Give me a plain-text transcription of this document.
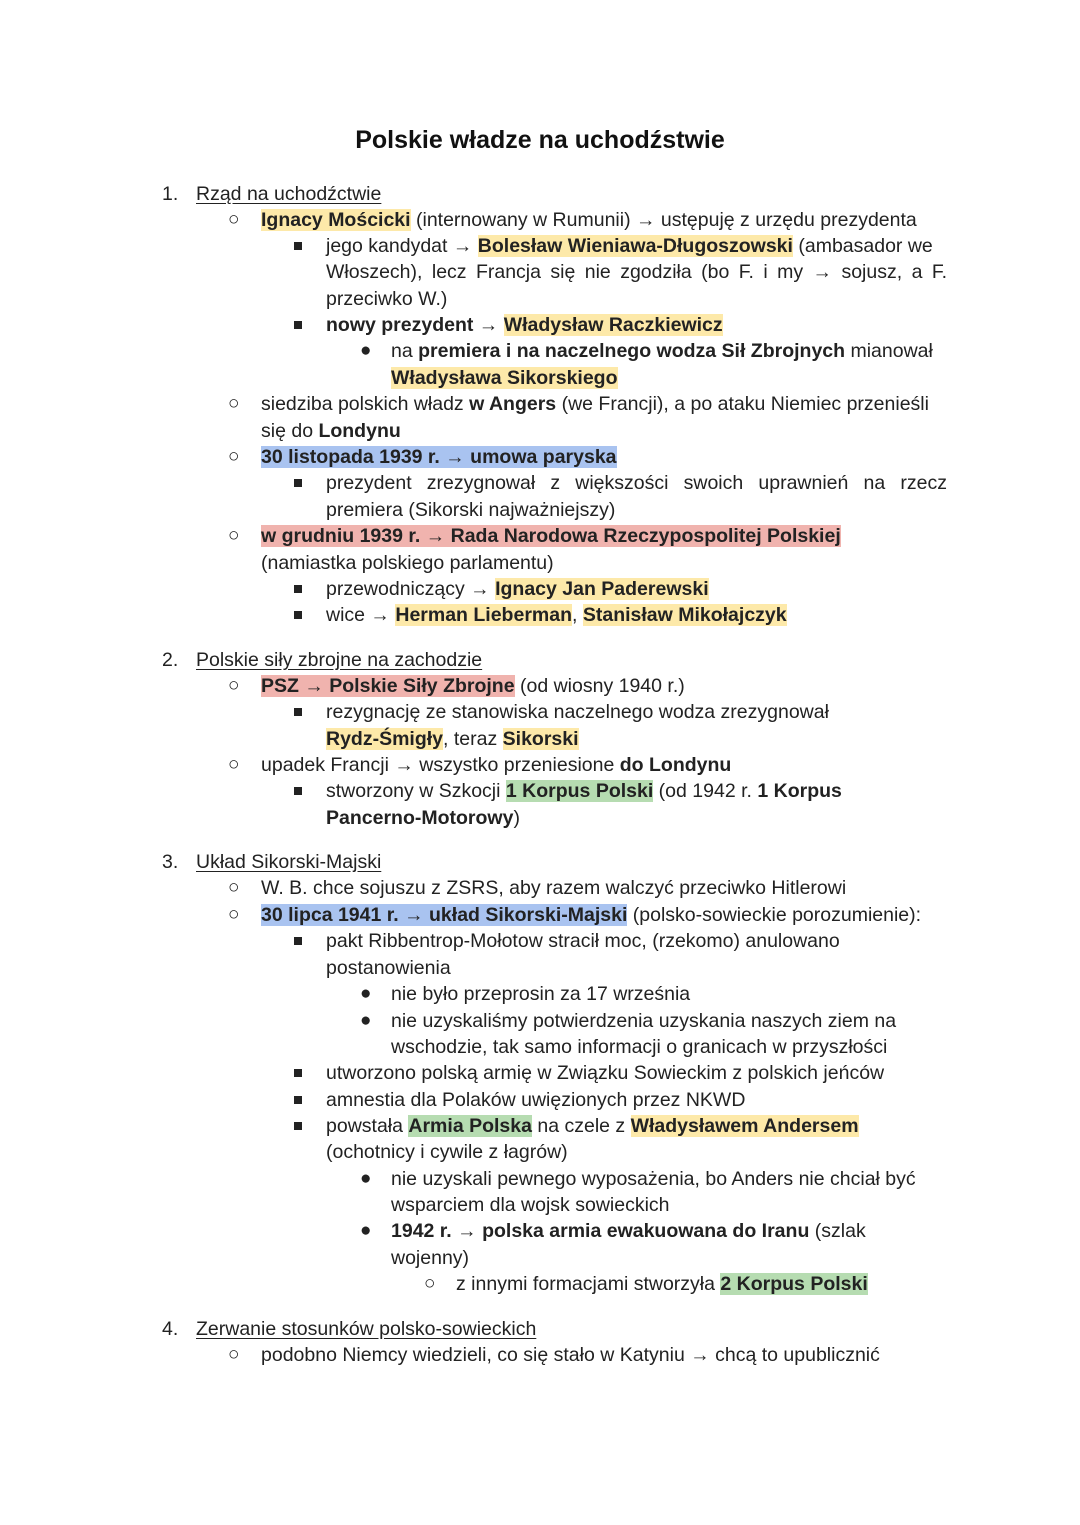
Polskie władze na uchodźstwie
1. Rząd na uchodźctwie
○ Ignacy Mościcki (internowany w Rumunii) → ustępuję z urzędu prezydenta
jego kandydat → Bolesław Wieniawa-Długoszowski (ambasador we
Włoszech), lecz Francja się nie zgodziła (bo F. i my → sojusz, a F.
przeciwko W.)
nowy prezydent → Władysław Raczkiewicz
● na premiera i na naczelnego wodza Sił Zbrojnych mianował
Władysława Sikorskiego
○ siedziba polskich władz w Angers (we Francji), a po ataku Niemiec przenieśli
się do Londynu
○ 30 listopada 1939 r. → umowa paryska
prezydent zrezygnował z większości swoich uprawnień na rzecz
premiera (Sikorski najważniejszy)
○ w grudniu 1939 r. → Rada Narodowa Rzeczypospolitej Polskiej
(namiastka polskiego parlamentu)
przewodniczący → Ignacy Jan Paderewski
wice → Herman Lieberman, Stanisław Mikołajczyk
2. Polskie siły zbrojne na zachodzie
○ PSZ → Polskie Siły Zbrojne (od wiosny 1940 r.)
rezygnację ze stanowiska naczelnego wodza zrezygnował
Rydz-Śmigły, teraz Sikorski
○ upadek Francji → wszystko przeniesione do Londynu
stworzony w Szkocji 1 Korpus Polski (od 1942 r. 1 Korpus
Pancerno-Motorowy)
3. Układ Sikorski-Majski
○ W. B. chce sojuszu z ZSRS, aby razem walczyć przeciwko Hitlerowi
○ 30 lipca 1941 r. → układ Sikorski-Majski (polsko-sowieckie porozumienie):
pakt Ribbentrop-Mołotow stracił moc, (rzekomo) anulowano
postanowienia
● nie było przeprosin za 17 września
● nie uzyskaliśmy potwierdzenia uzyskania naszych ziem na
wschodzie, tak samo informacji o granicach w przyszłości
utworzono polską armię w Związku Sowieckim z polskich jeńców
amnestia dla Polaków uwięzionych przez NKWD
powstała Armia Polska na czele z Władysławem Andersem
(ochotnicy i cywile z łagrów)
● nie uzyskali pewnego wyposażenia, bo Anders nie chciał być
wsparciem dla wojsk sowieckich
● 1942 r. → polska armia ewakuowana do Iranu (szlak
wojenny)
○ z innymi formacjami stworzyła 2 Korpus Polski
4. Zerwanie stosunków polsko-sowieckich
○ podobno Niemcy wiedzieli, co się stało w Katyniu → chcą to upublicznić
